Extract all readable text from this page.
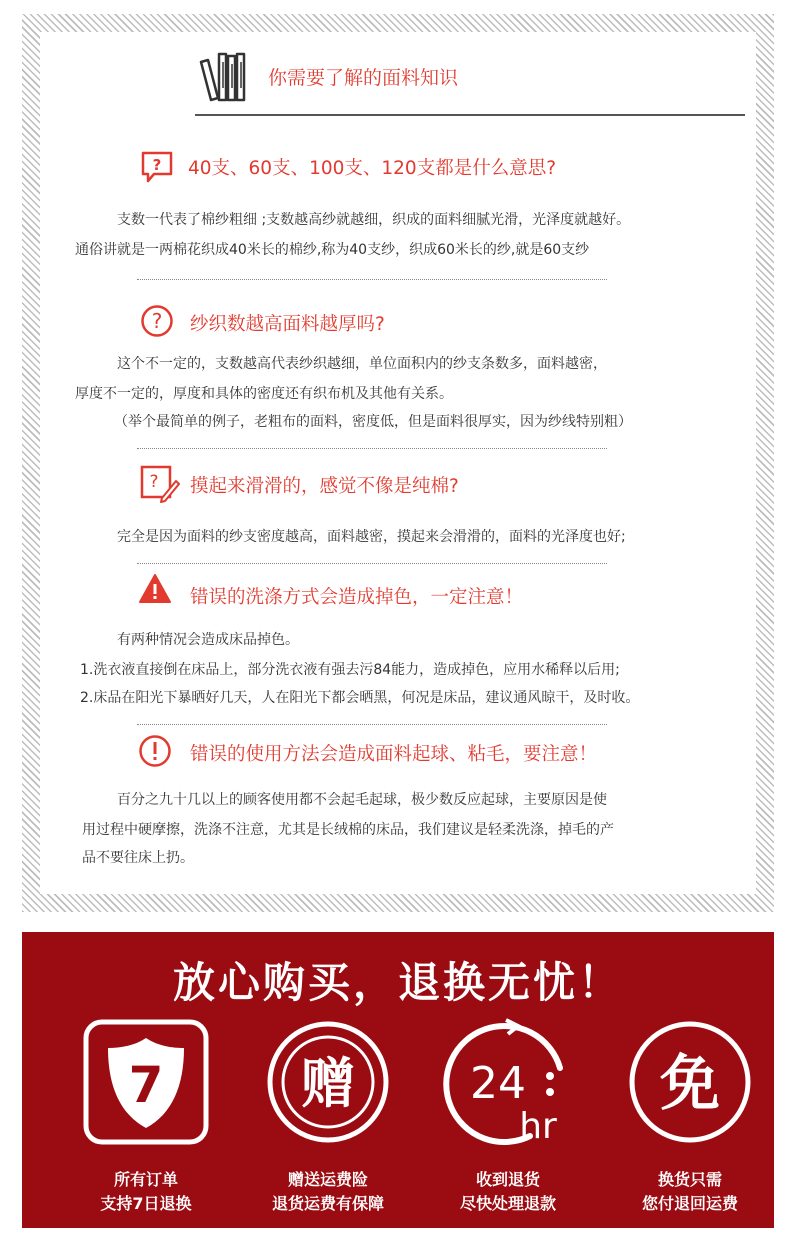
你需要了解的面料知识
? 40支、60支、100支、120支都是什么意思?
支数一代表了棉纱粗细 ;支数越高纱就越细，织成的面料细腻光滑，光泽度就越好。
通俗讲就是一两棉花织成40米长的棉纱,称为40支纱，织成60米长的纱,就是60支纱
? 纱织数越高面料越厚吗?
这个不一定的，支数越高代表纱织越细，单位面积内的纱支条数多，面料越密，
厚度不一定的，厚度和具体的密度还有织布机及其他有关系。
（举个最简单的例子，老粗布的面料，密度低，但是面料很厚实，因为纱线特别粗）
? 摸起来滑滑的，感觉不像是纯棉?
完全是因为面料的纱支密度越高，面料越密，摸起来会滑滑的，面料的光泽度也好;
错误的洗涤方式会造成掉色，一定注意！
有两种情况会造成床品掉色。
1.洗衣液直接倒在床品上，部分洗衣液有强去污84能力，造成掉色，应用水稀释以后用;
2.床品在阳光下暴晒好几天，人在阳光下都会晒黑，何况是床品，建议通风晾干，及时收。
错误的使用方法会造成面料起球、粘毛，要注意！
百分之九十几以上的顾客使用都不会起毛起球，极少数反应起球，主要原因是使
用过程中硬摩擦，洗涤不注意，尤其是长绒棉的床品，我们建议是轻柔洗涤，掉毛的产
品不要往床上扔。
放心购买，退换无忧！
7	赠	24
hr
免
所有订单
支持7日退换
赠送运费险
退货运费有保障
收到退货
尽快处理退款
换货只需
您付退回运费
